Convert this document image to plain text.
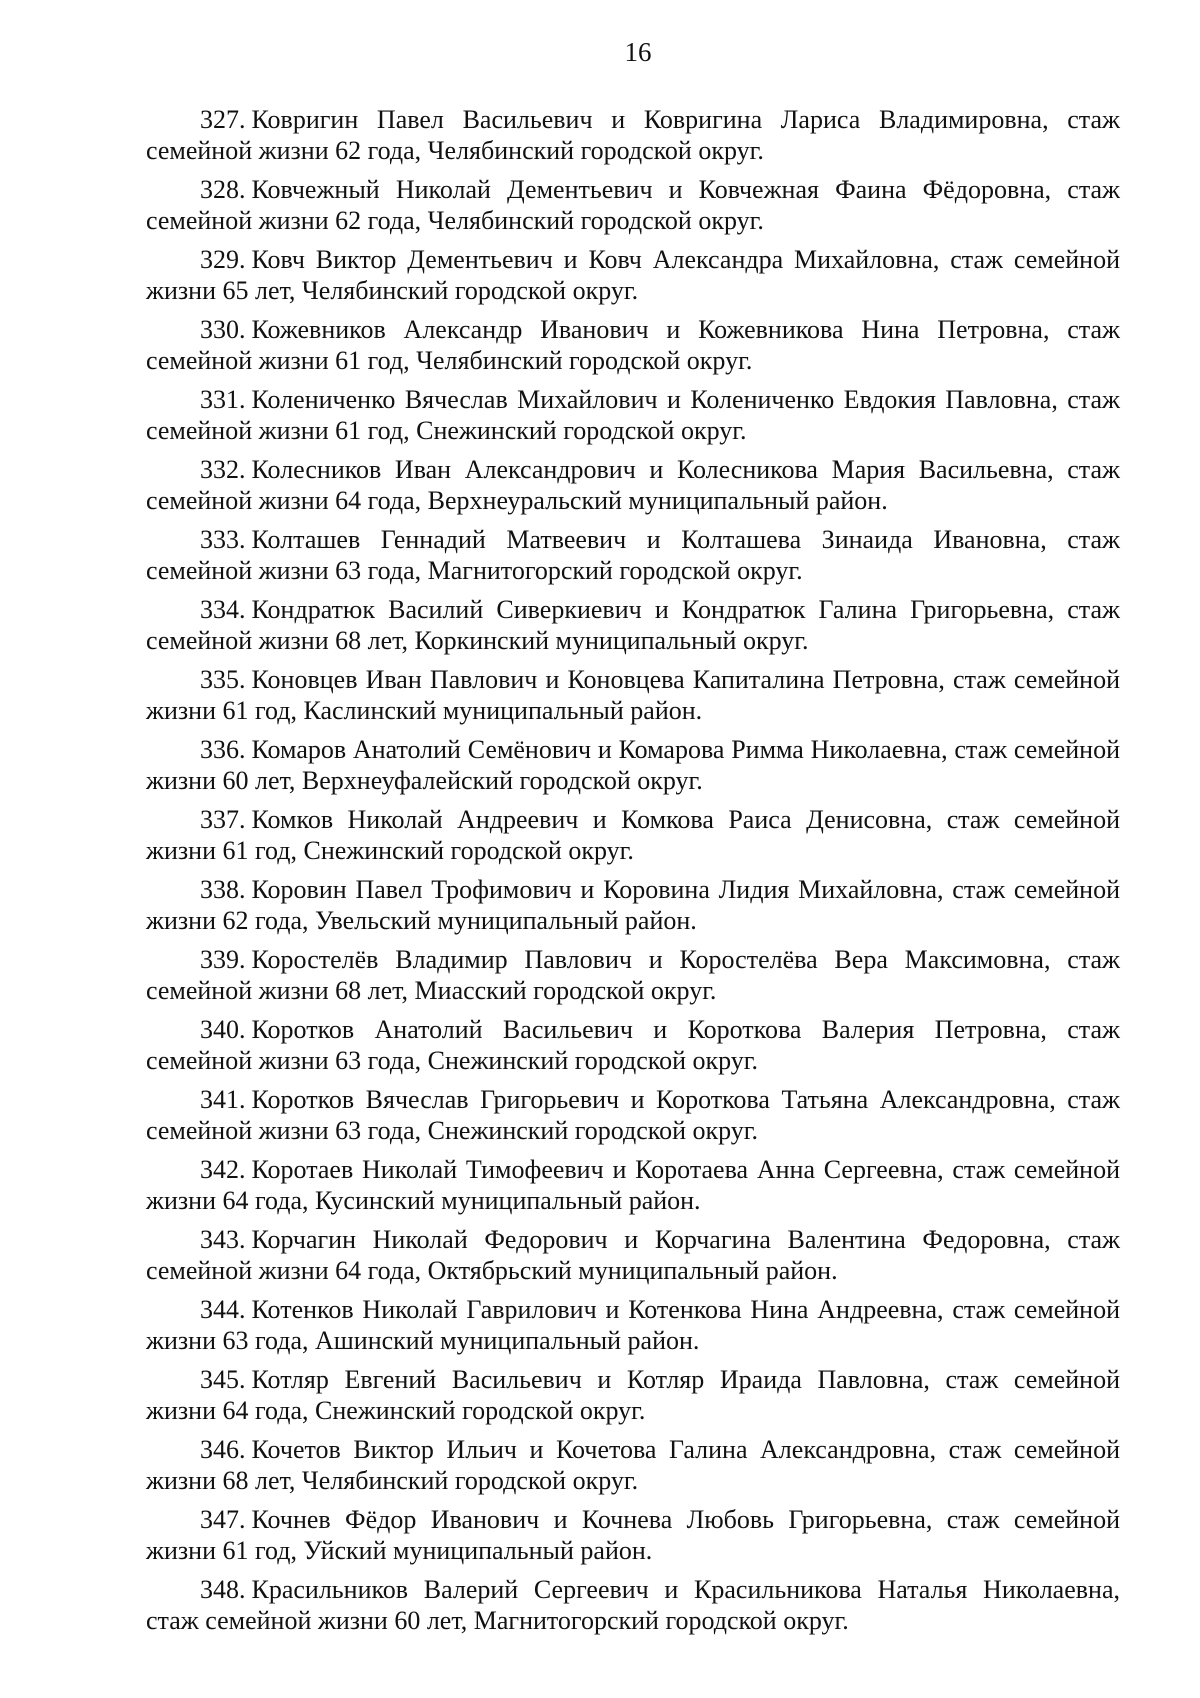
16
327. Ковригин Павел Васильевич и Ковригина Лариса Владимировна, стаж семейной жизни 62 года, Челябинский городской округ.
328. Ковчежный Николай Дементьевич и Ковчежная Фаина Фёдоровна, стаж семейной жизни 62 года, Челябинский городской округ.
329. Ковч Виктор Дементьевич и Ковч Александра Михайловна, стаж семейной жизни 65 лет, Челябинский городской округ.
330. Кожевников Александр Иванович и Кожевникова Нина Петровна, стаж семейной жизни 61 год, Челябинский городской округ.
331. Колениченко Вячеслав Михайлович и Колениченко Евдокия Павловна, стаж семейной жизни 61 год, Снежинский городской округ.
332. Колесников Иван Александрович и Колесникова Мария Васильевна, стаж семейной жизни 64 года, Верхнеуральский муниципальный район.
333. Колташев Геннадий Матвеевич и Колташева Зинаида Ивановна, стаж семейной жизни 63 года, Магнитогорский городской округ.
334. Кондратюк Василий Сиверкиевич и Кондратюк Галина Григорьевна, стаж семейной жизни 68 лет, Коркинский муниципальный округ.
335. Коновцев Иван Павлович и Коновцева Капиталина Петровна, стаж семейной жизни 61 год, Каслинский муниципальный район.
336. Комаров Анатолий Семёнович и Комарова Римма Николаевна, стаж семейной жизни 60 лет, Верхнеуфалейский городской округ.
337. Комков Николай Андреевич и Комкова Раиса Денисовна, стаж семейной жизни 61 год, Снежинский городской округ.
338. Коровин Павел Трофимович и Коровина Лидия Михайловна, стаж семейной жизни 62 года, Увельский муниципальный район.
339. Коростелёв Владимир Павлович и Коростелёва Вера Максимовна, стаж семейной жизни 68 лет, Миасский городской округ.
340. Коротков Анатолий Васильевич и Короткова Валерия Петровна, стаж семейной жизни 63 года, Снежинский городской округ.
341. Коротков Вячеслав Григорьевич и Короткова Татьяна Александровна, стаж семейной жизни 63 года, Снежинский городской округ.
342. Коротаев Николай Тимофеевич и Коротаева Анна Сергеевна, стаж семейной жизни 64 года, Кусинский муниципальный район.
343. Корчагин Николай Федорович и Корчагина Валентина Федоровна, стаж семейной жизни 64 года, Октябрьский муниципальный район.
344. Котенков Николай Гаврилович и Котенкова Нина Андреевна, стаж семейной жизни 63 года, Ашинский муниципальный район.
345. Котляр Евгений Васильевич и Котляр Ираида Павловна, стаж семейной жизни 64 года, Снежинский городской округ.
346. Кочетов Виктор Ильич и Кочетова Галина Александровна, стаж семейной жизни 68 лет, Челябинский городской округ.
347. Кочнев Фёдор Иванович и Кочнева Любовь Григорьевна, стаж семейной жизни 61 год, Уйский муниципальный район.
348. Красильников Валерий Сергеевич и Красильникова Наталья Николаевна, стаж семейной жизни 60 лет, Магнитогорский городской округ.
